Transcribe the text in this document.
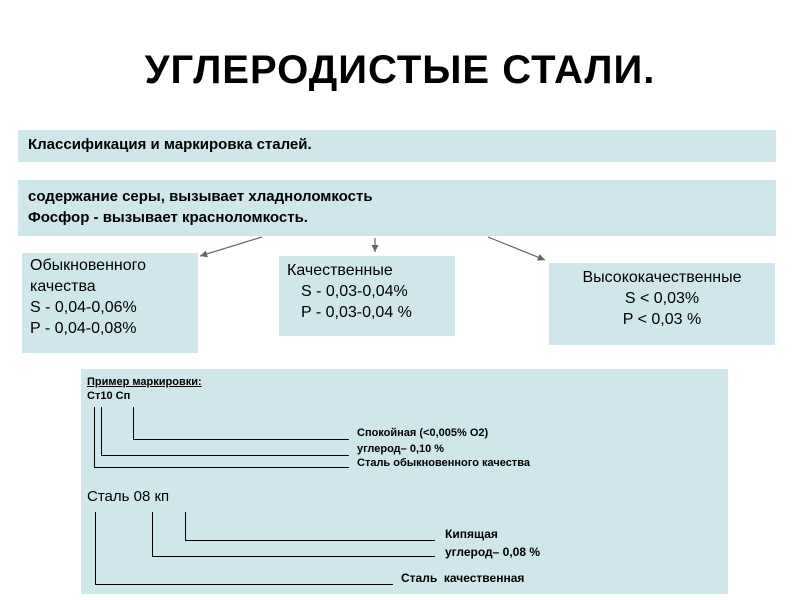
УГЛЕРОДИСТЫЕ СТАЛИ.
Классификация и маркировка сталей.
содержание серы, вызывает хладноломкость
Фосфор - вызывает красноломкость.
Обыкновенного
качества
S - 0,04-0,06%
P - 0,04-0,08%
Качественные
S - 0,03-0,04%
P - 0,03-0,04 %
Высококачественные
S < 0,03%
P < 0,03 %
Пример маркировки:
Ст10 Сп
Спокойная (<0,005% О2)
углерод– 0,10 %
Сталь обыкновенного качества
Сталь 08 кп
Кипящая
углерод– 0,08 %
Сталь  качественная
